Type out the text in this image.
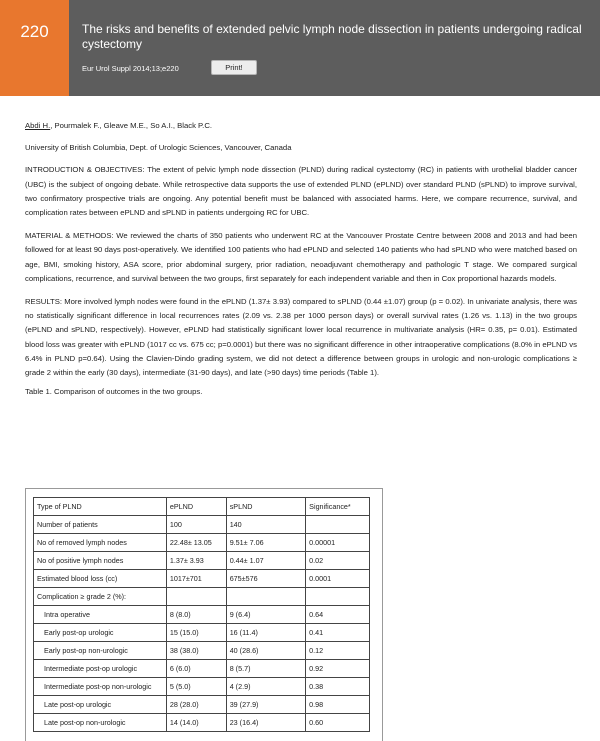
220	The risks and benefits of extended pelvic lymph node dissection in patients undergoing radical cystectomy
Eur Urol Suppl 2014;13;e220	Print!
Abdi H., Pourmalek F., Gleave M.E., So A.I., Black P.C.
University of British Columbia, Dept. of Urologic Sciences, Vancouver, Canada

INTRODUCTION & OBJECTIVES: The extent of pelvic lymph node dissection (PLND) during radical cystectomy (RC) in patients with urothelial bladder cancer (UBC) is the subject of ongoing debate. While retrospective data supports the use of extended PLND (ePLND) over standard PLND (sPLND) to improve survival, two confirmatory prospective trials are ongoing. Any potential benefit must be balanced with associated harms. Here, we compare recurrence, survival, and complication rates between ePLND and sPLND in patients undergoing RC for UBC.

MATERIAL & METHODS: We reviewed the charts of 350 patients who underwent RC at the Vancouver Prostate Centre between 2008 and 2013 and had been followed for at least 90 days post-operatively. We identified 100 patients who had ePLND and selected 140 patients who had sPLND who were matched based on age, BMI, smoking history, ASA score, prior abdominal surgery, prior radiation, neoadjuvant chemotherapy and pathologic T stage. We compared surgical complications, recurrence, and survival between the two groups, first separately for each independent variable and then in Cox proportional hazards models.

RESULTS: More involved lymph nodes were found in the ePLND (1.37± 3.93) compared to sPLND (0.44 ±1.07) group (p = 0.02). In univariate analysis, there was no statistically significant difference in local recurrences rates (2.09 vs. 2.38 per 1000 person days) or overall survival rates (1.26 vs. 1.13) in the two groups (ePLND and sPLND, respectively). However, ePLND had statistically significant lower local recurrence in multivariate analysis (HR= 0.35, p= 0.01). Estimated blood loss was greater with ePLND (1017 cc vs. 675 cc; p=0.0001) but there was no significant difference in other intraoperative complications (8.0% in ePLND vs 6.4% in PLND p=0.64). Using the Clavien-Dindo grading system, we did not detect a difference between groups in urologic and non-urologic complications ≥ grade 2 within the early (30 days), intermediate (31-90 days), and late (>90 days) time periods (Table 1).

Table 1. Comparison of outcomes in the two groups.
Type of PLND	ePLND	sPLND	Significance*
Number of patients	100	140	
No of removed lymph nodes	22.48± 13.05	9.51± 7.06	0.00001
No of positive lymph nodes	1.37± 3.93	0.44± 1.07	0.02
Estimated blood loss (cc)	1017±701	675±576	0.0001
Complication ≥ grade 2 (%):			
Intra operative	8 (8.0)	9 (6.4)	0.64
Early post-op urologic	15 (15.0)	16 (11.4)	0.41
Early post-op non-urologic	38 (38.0)	40 (28.6)	0.12
Intermediate post-op urologic	6 (6.0)	8 (5.7)	0.92
Intermediate post-op non-urologic	5 (5.0)	4 (2.9)	0.38
Late post-op urologic	28 (28.0)	39 (27.9)	0.98
Late post-op non-urologic	14 (14.0)	23 (16.4)	0.60
